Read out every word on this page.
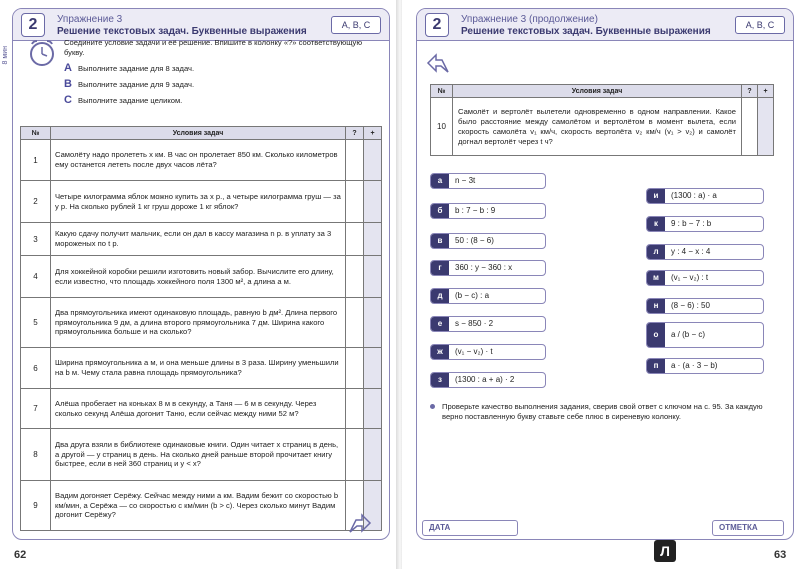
2	Упражнение 3
Решение текстовых задач. Буквенные выражения
А, В, С
8 мин
Соедините условие задачи и её решение. Впишите в колонку «?» соответствующую букву.
A Выполните задание для 8 задач.
B Выполните задание для 9 задач.
C Выполните задание целиком.
№	Условия задач	?	+
1	Самолёту надо пролететь x км. В час он пролетает 850 км. Сколько километров ему останется лететь после двух часов лёта?		
2	Четыре килограмма яблок можно купить за x р., а четыре килограмма груш — за y р. На сколько рублей 1 кг груш дороже 1 кг яблок?		
3	Какую сдачу получит мальчик, если он дал в кассу магазина n р. в уплату за 3 мороженых по t р.		
4	Для хоккейной коробки решили изготовить новый забор. Вычислите его длину, если известно, что площадь хоккейного поля 1300 м², а длина a м.		
5	Два прямоугольника имеют одинаковую площадь, равную b дм². Длина первого прямоугольника 9 дм, а длина второго прямоугольника 7 дм. Ширина какого прямоугольника больше и на сколько?		
6	Ширина прямоугольника a м, и она меньше длины в 3 раза. Ширину уменьшили на b м. Чему стала равна площадь прямоугольника?		
7	Алёша пробегает на коньках 8 м в секунду, а Таня — 6 м в секунду. Через сколько секунд Алёша догонит Таню, если сейчас между ними 52 м?		
8	Два друга взяли в библиотеке одинаковые книги. Один читает x страниц в день, а другой — y страниц в день. На сколько дней раньше второй прочитает книгу быстрее, если в ней 360 страниц и y < x?		
9	Вадим догоняет Серёжу. Сейчас между ними a км. Вадим бежит со скоростью b км/мин, а Серёжа — со скоростью c км/мин (b > c). Через сколько минут Вадим догонит Серёжу?		
62
2	Упражнение 3 (продолжение)
Решение текстовых задач. Буквенные выражения
А, В, С
№	Условия задач	?	+
10	Самолёт и вертолёт вылетели одновременно в одном направлении. Какое было расстояние между самолётом и вертолётом в момент вылета, если скорость самолёта v₁ км/ч, скорость вертолёта v₂ км/ч (v₁ > v₂) и самолёт догнал вертолёт через t ч?		
а n − 3t
б b : 7 − b : 9
в 50 : (8 − 6)
г 360 : y − 360 : x
д (b − c) : a
е s − 850 · 2
ж (v₁ − v₂) · t
з (1300 : a + a) · 2
и (1300 : a) · a
к 9 : b − 7 : b
л y : 4 − x : 4
м (v₁ − v₂) : t
н (8 − 6) : 50
о a / (b − c)
п a · (a · 3 − b)
Проверьте качество выполнения задания, сверив свой ответ с ключом на с. 95. За каждую верно поставленную букву ставьте себе плюс в сиреневую колонку.
ДАТА	ОТМЕТКА
63
Л
